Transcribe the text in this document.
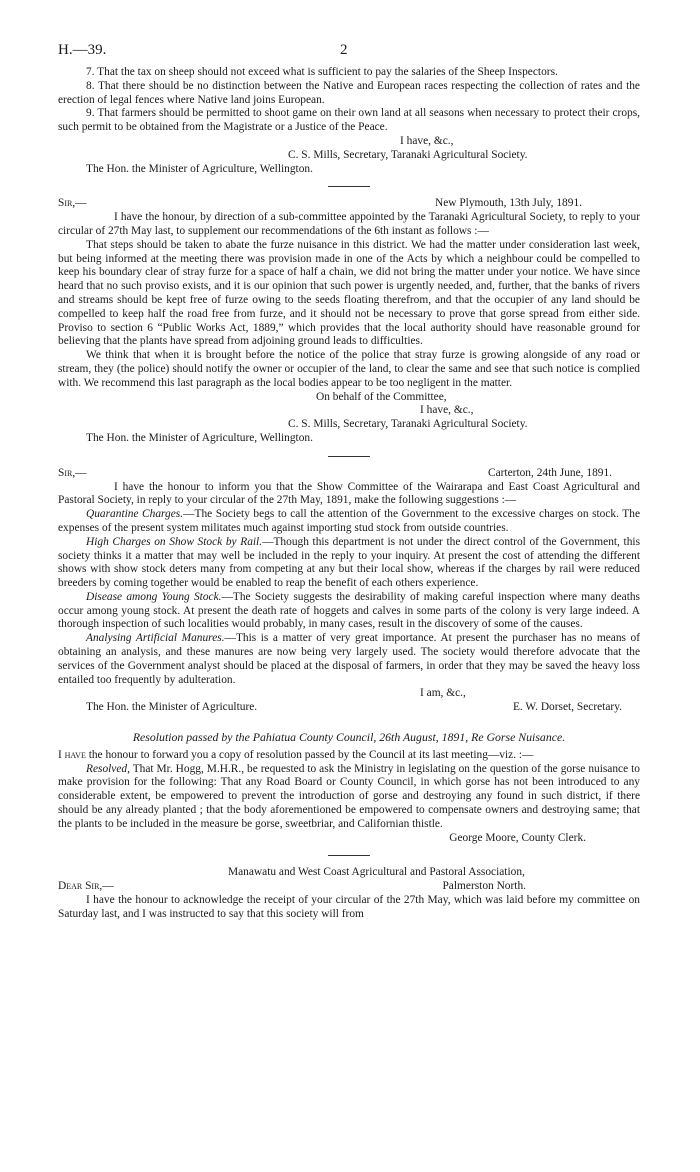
H.—39.	2

7. That the tax on sheep should not exceed what is sufficient to pay the salaries of the Sheep Inspectors.

8. That there should be no distinction between the Native and European races respecting the collection of rates and the erection of legal fences where Native land joins European.

9. That farmers should be permitted to shoot game on their own land at all seasons when necessary to protect their crops, such permit to be obtained from the Magistrate or a Justice of the Peace.

I have, &c.,

C. S. Mills, Secretary, Taranaki Agricultural Society.

The Hon. the Minister of Agriculture, Wellington.

Sir,—	New Plymouth, 13th July, 1891.

I have the honour, by direction of a sub-committee appointed by the Taranaki Agricultural Society, to reply to your circular of 27th May last, to supplement our recommendations of the 6th instant as follows :—

That steps should be taken to abate the furze nuisance in this district. We had the matter under consideration last week, but being informed at the meeting there was provision made in one of the Acts by which a neighbour could be compelled to keep his boundary clear of stray furze for a space of half a chain, we did not bring the matter under your notice. We have since heard that no such proviso exists, and it is our opinion that such power is urgently needed, and, further, that the banks of rivers and streams should be kept free of furze owing to the seeds floating therefrom, and that the occupier of any land should be compelled to keep half the road free from furze, and it should not be necessary to prove that gorse spread from either side. Proviso to section 6 “Public Works Act, 1889,” which provides that the local authority should have reasonable ground for believing that the plants have spread from adjoining ground leads to difficulties.

We think that when it is brought before the notice of the police that stray furze is growing alongside of any road or stream, they (the police) should notify the owner or occupier of the land, to clear the same and see that such notice is complied with. We recommend this last paragraph as the local bodies appear to be too negligent in the matter.

On behalf of the Committee,

I have, &c.,

C. S. Mills, Secretary, Taranaki Agricultural Society.

The Hon. the Minister of Agriculture, Wellington.

Sir,—	Carterton, 24th June, 1891.

I have the honour to inform you that the Show Committee of the Wairarapa and East Coast Agricultural and Pastoral Society, in reply to your circular of the 27th May, 1891, make the following suggestions :—

Quarantine Charges.—The Society begs to call the attention of the Government to the excessive charges on stock. The expenses of the present system militates much against importing stud stock from outside countries.

High Charges on Show Stock by Rail.—Though this department is not under the direct control of the Government, this society thinks it a matter that may well be included in the reply to your inquiry. At present the cost of attending the different shows with show stock deters many from competing at any but their local show, whereas if the charges by rail were reduced breeders by coming together would be enabled to reap the benefit of each others experience.

Disease among Young Stock.—The Society suggests the desirability of making careful inspection where many deaths occur among young stock. At present the death rate of hoggets and calves in some parts of the colony is very large indeed. A thorough inspection of such localities would probably, in many cases, result in the discovery of some of the causes.

Analysing Artificial Manures.—This is a matter of very great importance. At present the purchaser has no means of obtaining an analysis, and these manures are now being very largely used. The society would therefore advocate that the services of the Government analyst should be placed at the disposal of farmers, in order that they may be saved the heavy loss entailed too frequently by adulteration.

I am, &c.,

The Hon. the Minister of Agriculture.	E. W. Dorset, Secretary.

Resolution passed by the Pahiatua County Council, 26th August, 1891, Re Gorse Nuisance.

I have the honour to forward you a copy of resolution passed by the Council at its last meeting—viz. :—

Resolved, That Mr. Hogg, M.H.R., be requested to ask the Ministry in legislating on the question of the gorse nuisance to make provision for the following: That any Road Board or County Council, in which gorse has not been introduced to any considerable extent, be empowered to prevent the introduction of gorse and destroying any found in such district, if there should be any already planted ; that the body aforementioned be empowered to compensate owners and destroying same; that the plants to be included in the measure be gorse, sweetbriar, and Californian thistle.

George Moore, County Clerk.

Manawatu and West Coast Agricultural and Pastoral Association,

Dear Sir,—	Palmerston North.

I have the honour to acknowledge the receipt of your circular of the 27th May, which was laid before my committee on Saturday last, and I was instructed to say that this society will from
